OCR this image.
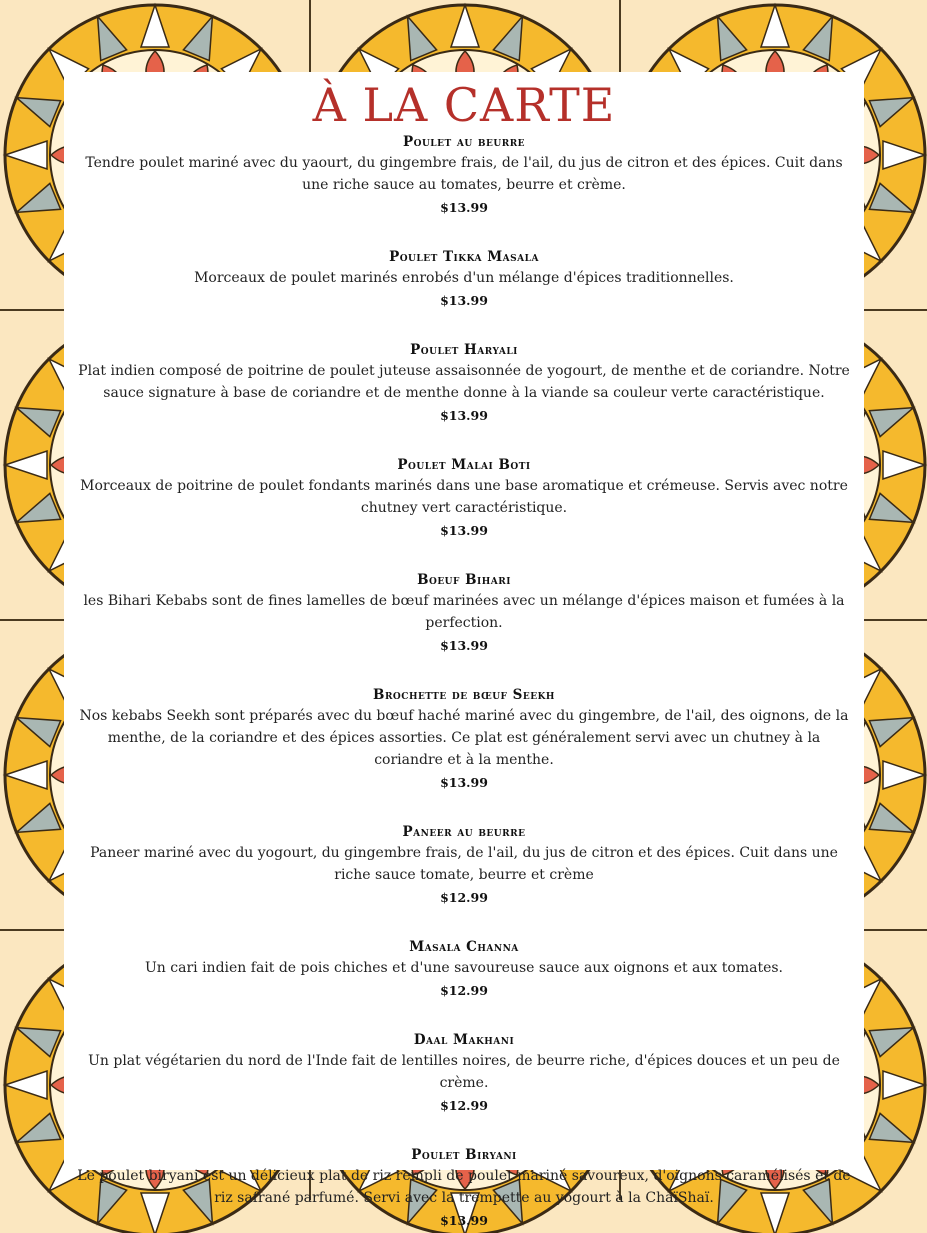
À LA CARTE
Poulet au beurre
Tendre poulet mariné avec du yaourt, du gingembre frais, de l'ail, du jus de citron et des épices. Cuit dans une riche sauce au tomates, beurre et crème.
$13.99
Poulet Tikka Masala
Morceaux de poulet marinés enrobés d'un mélange d'épices traditionnelles.
$13.99
Poulet Haryali
Plat indien composé de poitrine de poulet juteuse assaisonnée de yogourt, de menthe et de coriandre. Notre sauce signature à base de coriandre et de menthe donne à la viande sa couleur verte caractéristique.
$13.99
Poulet Malai Boti
Morceaux de poitrine de poulet fondants marinés dans une base aromatique et crémeuse. Servis avec notre chutney vert caractéristique.
$13.99
Boeuf Bihari
les Bihari Kebabs sont de fines lamelles de bœuf marinées avec un mélange d'épices maison et fumées à la perfection.
$13.99
Brochette de bœuf Seekh
Nos kebabs Seekh sont préparés avec du bœuf haché mariné avec du gingembre, de l'ail, des oignons, de la menthe, de la coriandre et des épices assorties. Ce plat est généralement servi avec un chutney à la coriandre et à la menthe.
$13.99
Paneer au beurre
Paneer mariné avec du yogourt, du gingembre frais, de l'ail, du jus de citron et des épices. Cuit dans une riche sauce tomate, beurre et crème
$12.99
Masala Channa
Un cari indien fait de pois chiches et d'une savoureuse sauce aux oignons et aux tomates.
$12.99
Daal Makhani
Un plat végétarien du nord de l'Inde fait de lentilles noires, de beurre riche, d'épices douces et un peu de crème.
$12.99
Poulet Biryani
Le poulet biryani est un délicieux plat de riz rempli de poulet mariné savoureux, d'oignons caramélisés et de riz safrané parfumé. Servi avec la trempette au yogourt à la ChaïShaï.
$13.99
